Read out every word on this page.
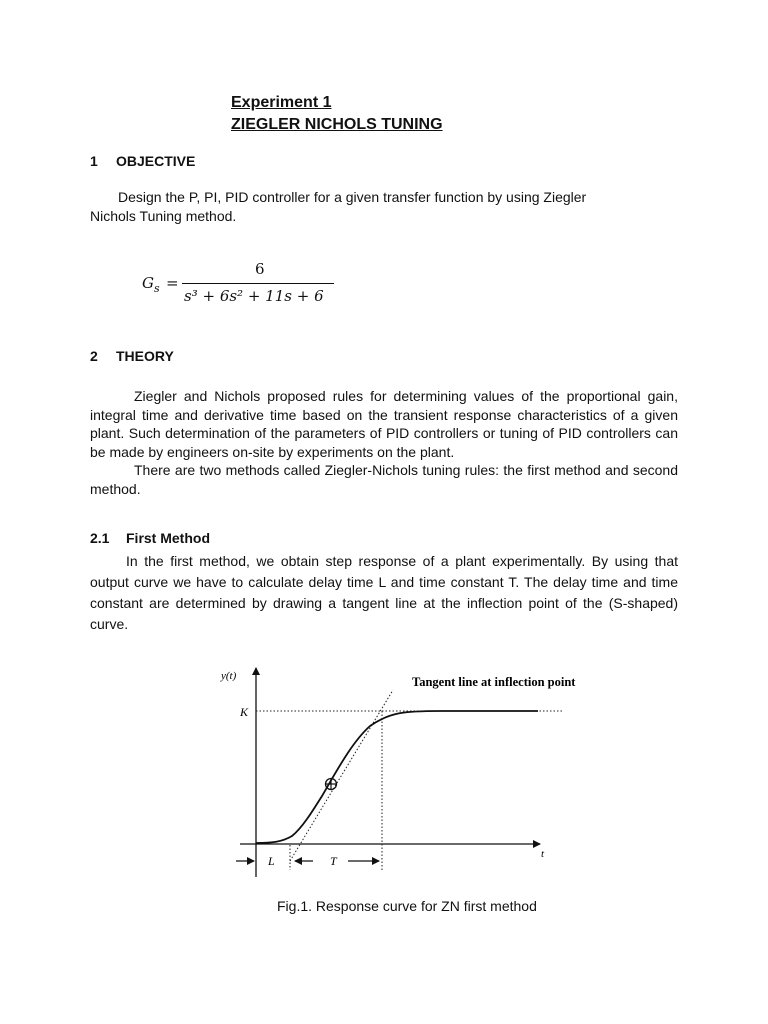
Experiment 1
ZIEGLER NICHOLS TUNING
1 OBJECTIVE
Design the P, PI, PID controller for a given transfer function by using Ziegler
Nichols Tuning method.
$G_s$ =
6
s³ + 6s² + 11s + 6
2 THEORY
Ziegler and Nichols proposed rules for determining values of the proportional gain, integral time and derivative time based on the transient response characteristics of a given plant. Such determination of the parameters of PID controllers or tuning of PID controllers can be made by engineers on-site by experiments on the plant.
There are two methods called Ziegler-Nichols tuning rules: the first method and second method.
2.1 First Method
In the first method, we obtain step response of a plant experimentally. By using that output curve we have to calculate delay time L and time constant T. The delay time and time constant are determined by drawing a tangent line at the inflection point of the (S-shaped) curve.
y(t)
K
t
L	T
Tangent line at inflection point
Fig.1. Response curve for ZN first method
